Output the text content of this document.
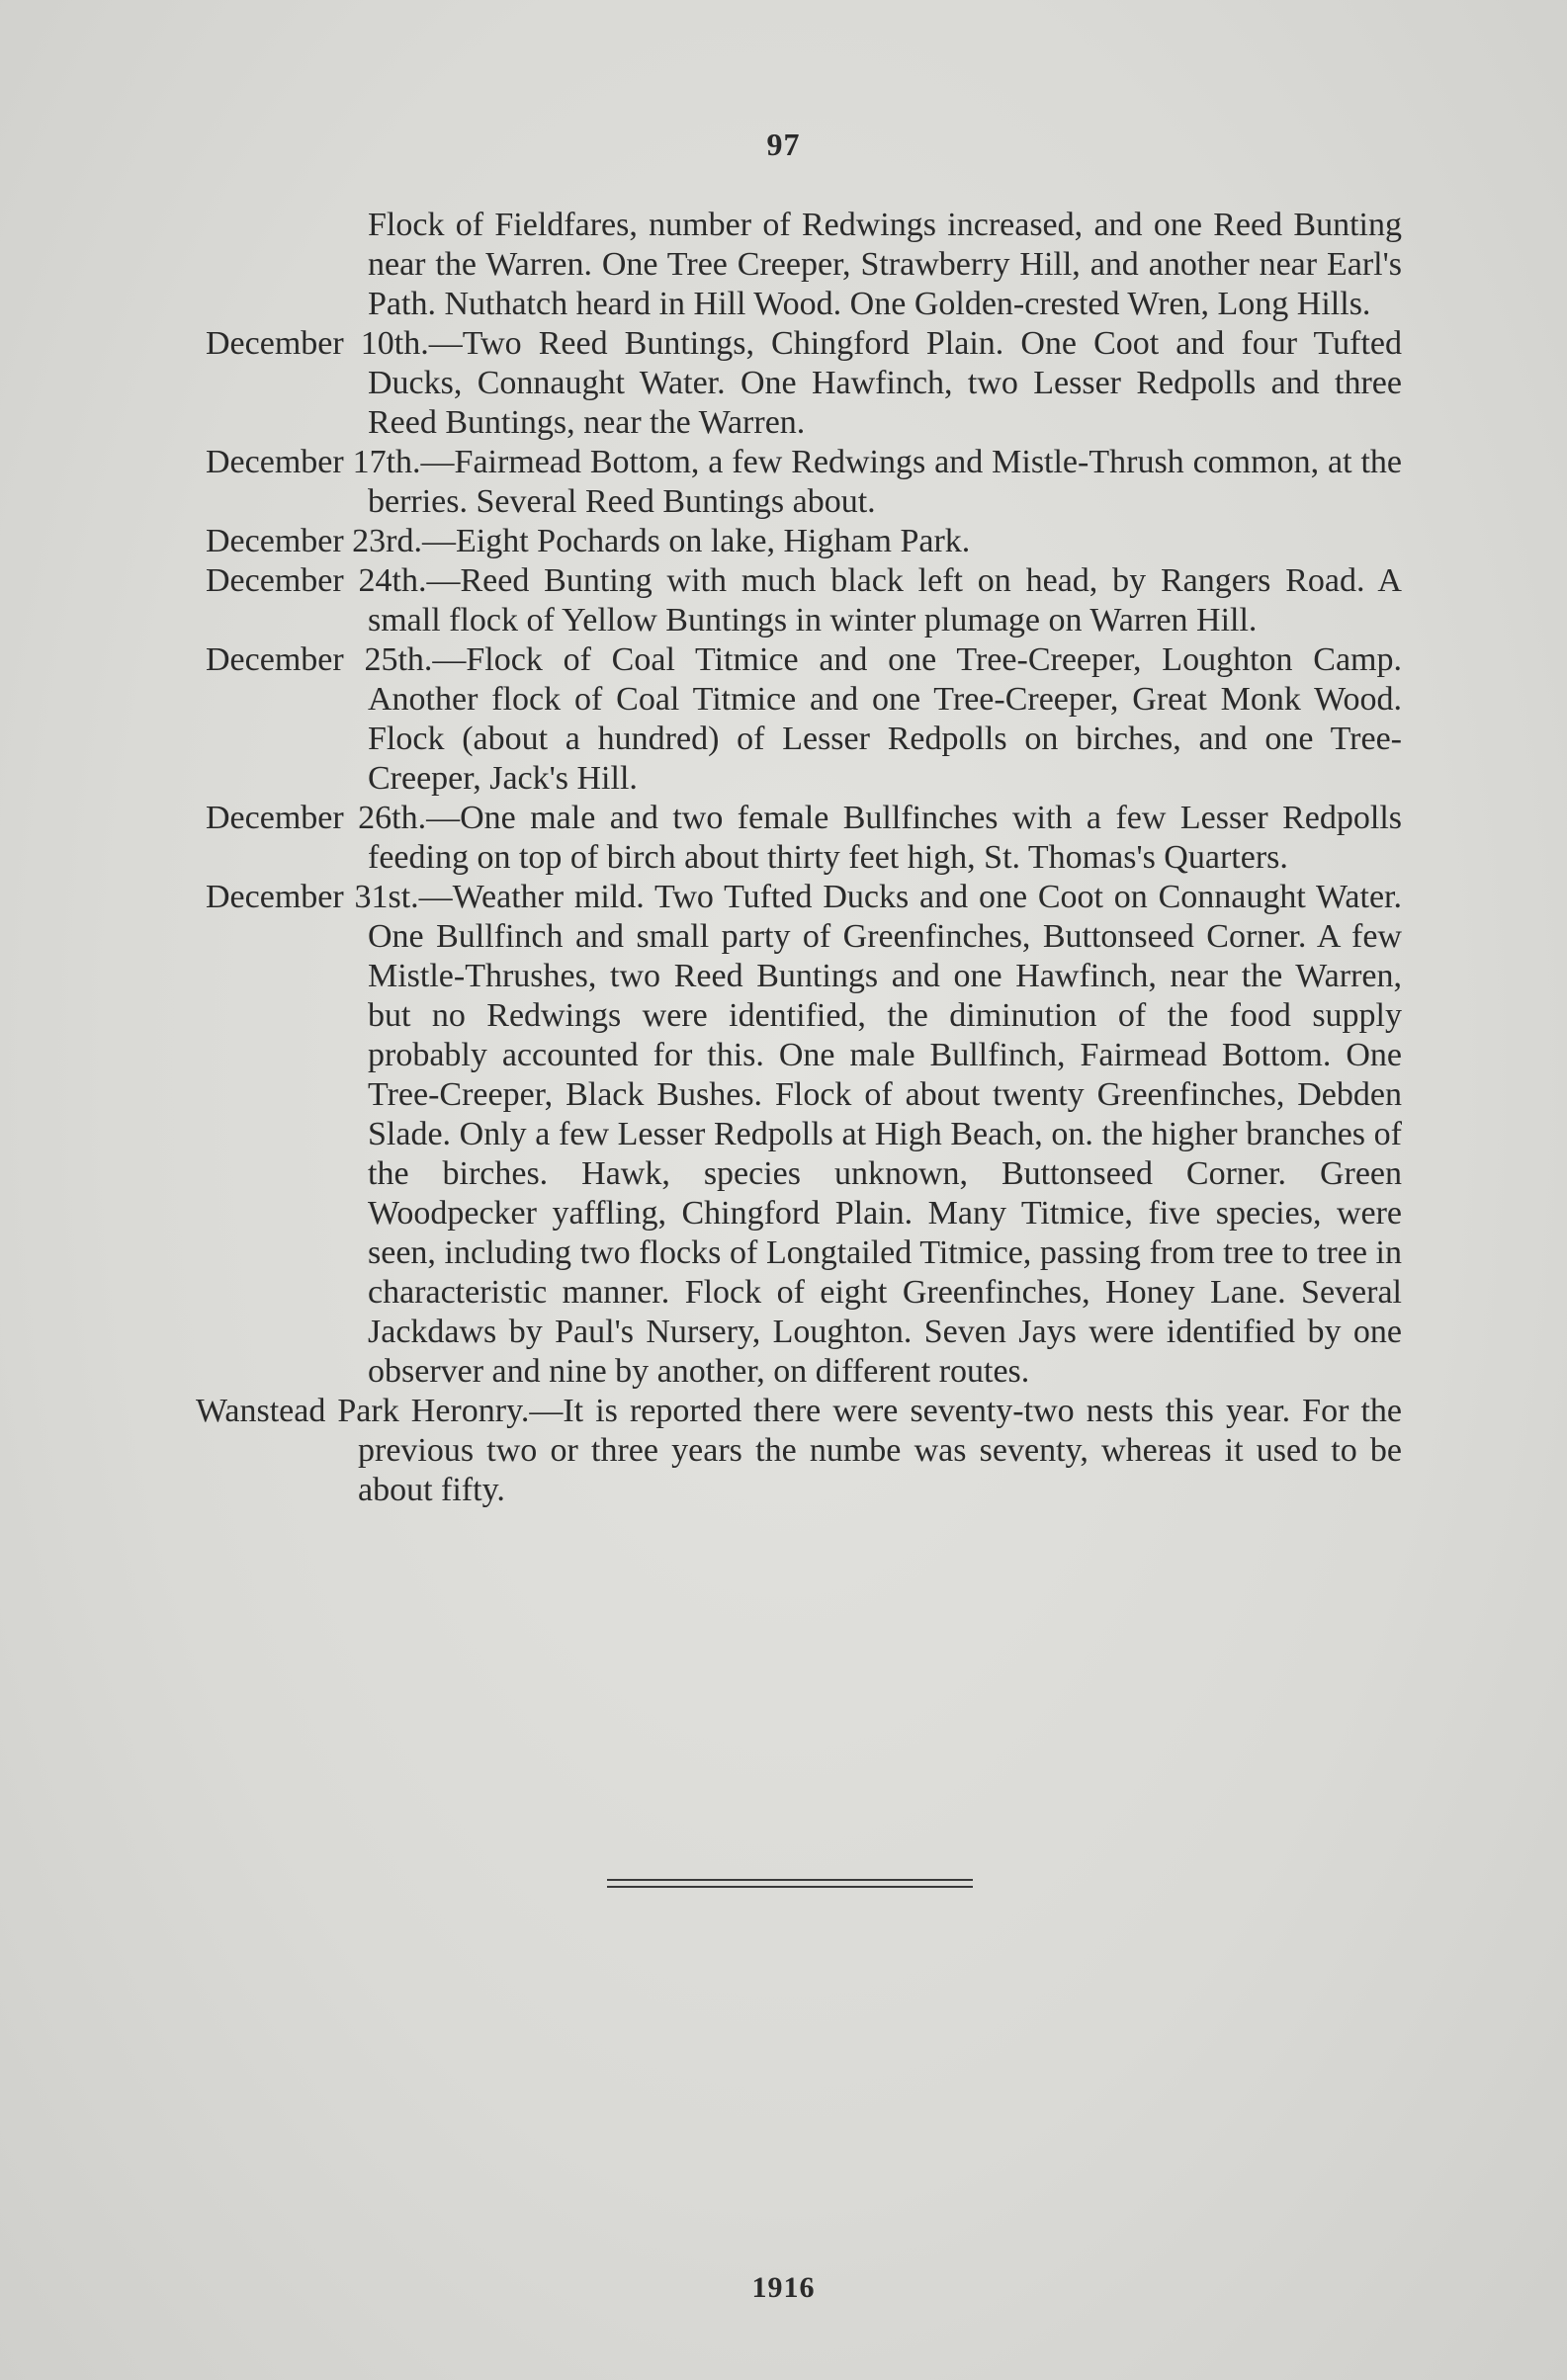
97

Flock of Fieldfares, number of Redwings increased, and one Reed Bunting near the Warren. One Tree Creeper, Strawberry Hill, and another near Earl's Path. Nuthatch heard in Hill Wood. One Golden-crested Wren, Long Hills.

December 10th.—Two Reed Buntings, Chingford Plain. One Coot and four Tufted Ducks, Connaught Water. One Hawfinch, two Lesser Redpolls and three Reed Buntings, near the Warren.

December 17th.—Fairmead Bottom, a few Redwings and Mistle-Thrush common, at the berries. Several Reed Buntings about.

December 23rd.—Eight Pochards on lake, Higham Park.

December 24th.—Reed Bunting with much black left on head, by Rangers Road. A small flock of Yellow Buntings in winter plumage on Warren Hill.

December 25th.—Flock of Coal Titmice and one Tree-Creeper, Loughton Camp. Another flock of Coal Titmice and one Tree-Creeper, Great Monk Wood. Flock (about a hundred) of Lesser Redpolls on birches, and one Tree-Creeper, Jack's Hill.

December 26th.—One male and two female Bullfinches with a few Lesser Redpolls feeding on top of birch about thirty feet high, St. Thomas's Quarters.

December 31st.—Weather mild. Two Tufted Ducks and one Coot on Connaught Water. One Bullfinch and small party of Greenfinches, Buttonseed Corner. A few Mistle-Thrushes, two Reed Buntings and one Hawfinch, near the Warren, but no Redwings were identified, the diminution of the food supply probably accounted for this. One male Bullfinch, Fairmead Bottom. One Tree-Creeper, Black Bushes. Flock of about twenty Greenfinches, Debden Slade. Only a few Lesser Redpolls at High Beach, on. the higher branches of the birches. Hawk, species unknown, Buttonseed Corner. Green Woodpecker yaffling, Chingford Plain. Many Titmice, five species, were seen, including two flocks of Longtailed Titmice, passing from tree to tree in characteristic manner. Flock of eight Greenfinches, Honey Lane. Several Jackdaws by Paul's Nursery, Loughton. Seven Jays were identified by one observer and nine by another, on different routes.

Wanstead Park Heronry.—It is reported there were seventy-two nests this year. For the previous two or three years the numbe was seventy, whereas it used to be about fifty.

1916
